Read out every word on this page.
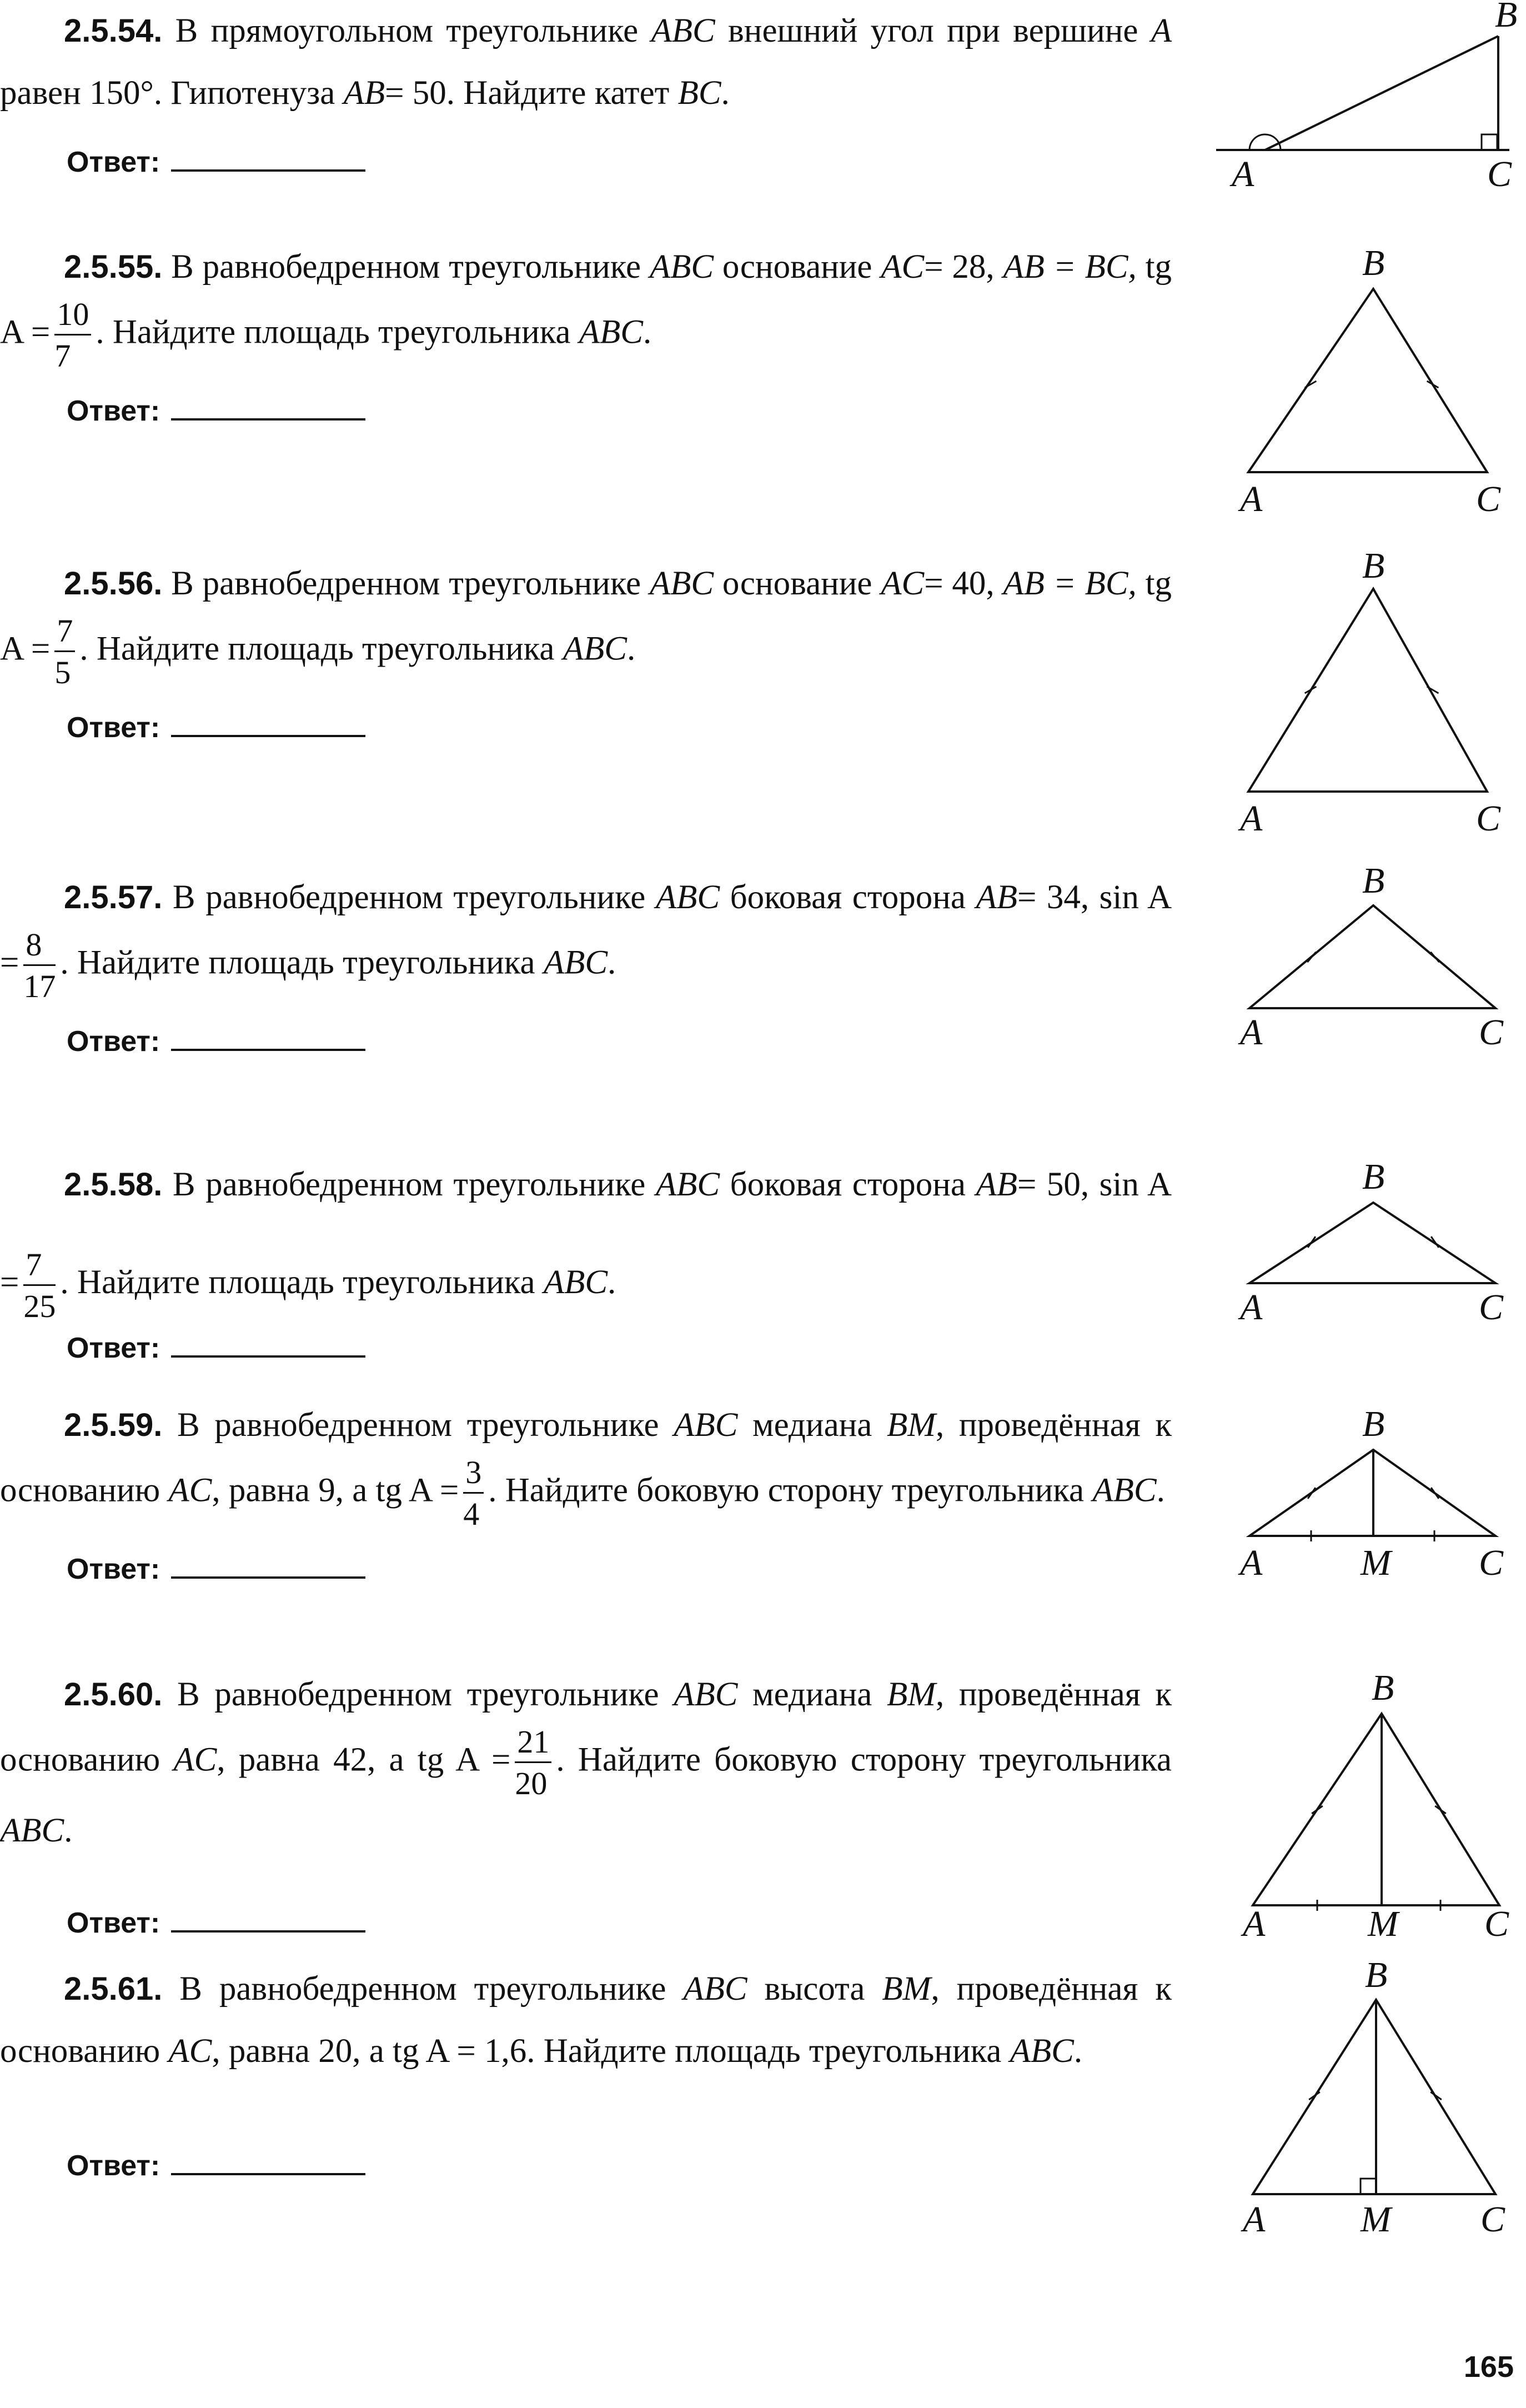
2.5.54. В прямоугольном треугольнике ABC внешний угол при вершине A равен 150°. Гипотенуза AB= 50. Найдите катет BC.
Ответ:
B
A	C
2.5.55. В равнобедренном треугольнике ABC основание AC= 28, AB = BC, tg $A = \frac{10}{7}$ . Найдите площадь треугольника ABC.
Ответ:
B
A	C
2.5.56. В равнобедренном треугольнике ABC основание AC= 40, AB = BC, tg $A = \frac{7}{5}$ . Найдите площадь треугольника ABC.
Ответ:
B
A	C
2.5.57. В равнобедренном треугольнике ABC боковая сторона AB= 34, $\sin A = \frac{8}{17}$ . Найдите площадь треугольника ABC.
Ответ:
B
A	C
2.5.58. В равнобедренном треугольнике ABC боковая сторона AB= 50, $\sin A = \frac{7}{25}$ . Найдите площадь треугольника ABC.
Ответ:
B
A	C
2.5.59. В равнобедренном треугольнике ABC медиана BM, проведённая к основанию AC, равна 9, а tg $A = \frac{3}{4}$ . Найдите боковую сторону треугольника ABC.
Ответ:
B
A	M C
2.5.60. В равнобедренном треугольнике ABC медиана BM, проведённая к основанию AC, равна 42, а tg $A = \frac{21}{20}$ . Найдите боковую сторону треугольника ABC.
Ответ:
B
A	M C
2.5.61. В равнобедренном треугольнике ABC высота BM, проведённая к основанию AC, равна 20, а tg A = 1,6. Найдите площадь треугольника ABC.
Ответ:
B
A	M C
165
